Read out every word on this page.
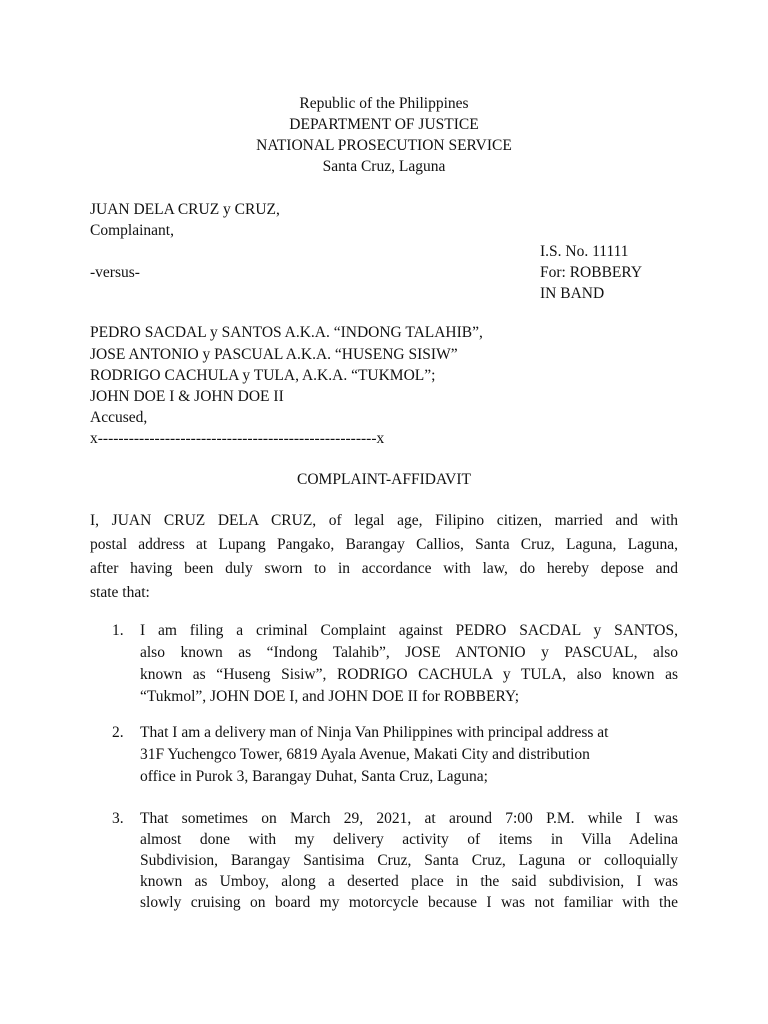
Republic of the Philippines
DEPARTMENT OF JUSTICE
NATIONAL PROSECUTION SERVICE
Santa Cruz, Laguna
JUAN DELA CRUZ y CRUZ,
Complainant,
I.S. No. 11111
-versus-	For: ROBBERY
IN BAND
PEDRO SACDAL y SANTOS A.K.A. “INDONG TALAHIB”,
JOSE ANTONIO y PASCUAL A.K.A. “HUSENG SISIW”
RODRIGO CACHULA y TULA, A.K.A. “TUKMOL”;
JOHN DOE I & JOHN DOE II
Accused,
x------------------------------------------------------x
COMPLAINT-AFFIDAVIT
I, JUAN CRUZ DELA CRUZ, of legal age, Filipino citizen, married and with
postal address at Lupang Pangako, Barangay Callios, Santa Cruz, Laguna, Laguna,
after having been duly sworn to in accordance with law, do hereby depose and
state that:
1. I am filing a criminal Complaint against PEDRO SACDAL y SANTOS,
also known as “Indong Talahib”, JOSE ANTONIO y PASCUAL, also
known as “Huseng Sisiw”, RODRIGO CACHULA y TULA, also known as
“Tukmol”, JOHN DOE I, and JOHN DOE II for ROBBERY;
2. That I am a delivery man of Ninja Van Philippines with principal address at
31F Yuchengco Tower, 6819 Ayala Avenue, Makati City and distribution
office in Purok 3, Barangay Duhat, Santa Cruz, Laguna;
3. That sometimes on March 29, 2021, at around 7:00 P.M. while I was
almost done with my delivery activity of items in Villa Adelina
Subdivision, Barangay Santisima Cruz, Santa Cruz, Laguna or colloquially
known as Umboy, along a deserted place in the said subdivision, I was
slowly cruising on board my motorcycle because I was not familiar with the
